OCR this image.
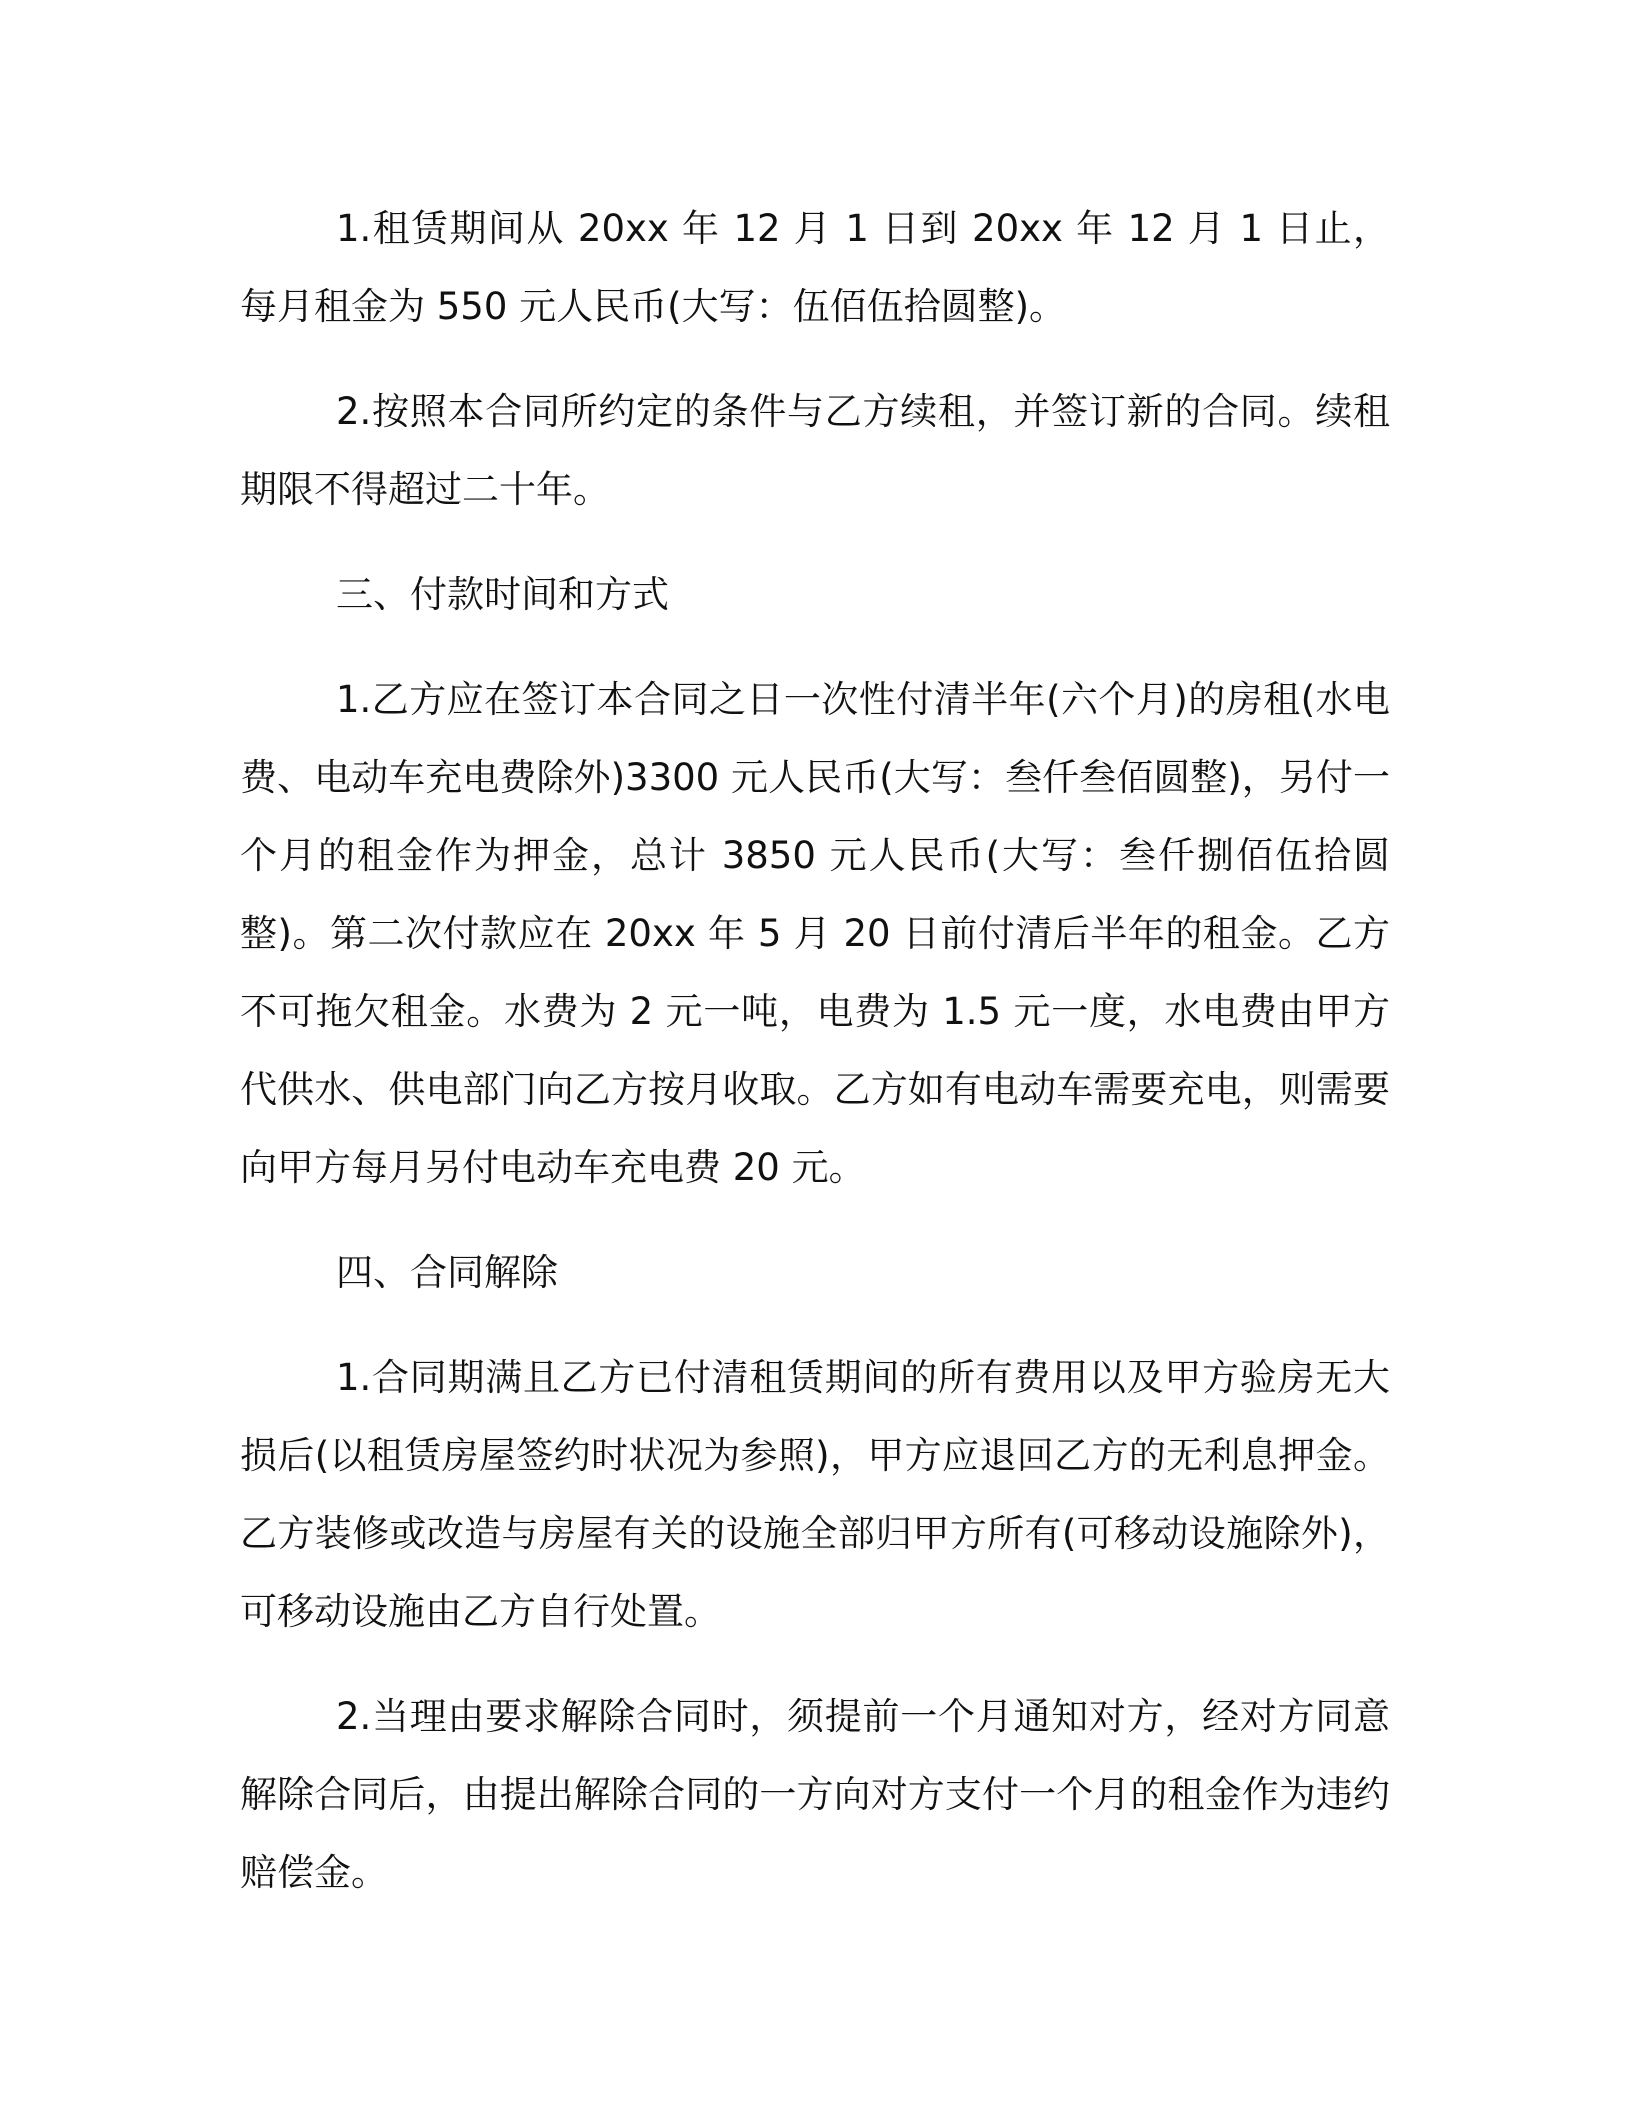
1.租赁期间从 20xx 年 12 月 1 日到 20xx 年 12 月 1 日止，每月租金为 550 元人民币(大写：伍佰伍拾圆整)。

2.按照本合同所约定的条件与乙方续租，并签订新的合同。续租期限不得超过二十年。

三、付款时间和方式

1.乙方应在签订本合同之日一次性付清半年(六个月)的房租(水电费、电动车充电费除外)3300 元人民币(大写：叁仟叁佰圆整)，另付一个月的租金作为押金，总计 3850 元人民币(大写：叁仟捌佰伍拾圆整)。第二次付款应在 20xx 年 5 月 20 日前付清后半年的租金。乙方不可拖欠租金。水费为 2 元一吨，电费为 1.5 元一度，水电费由甲方代供水、供电部门向乙方按月收取。乙方如有电动车需要充电，则需要向甲方每月另付电动车充电费 20 元。

四、合同解除

1.合同期满且乙方已付清租赁期间的所有费用以及甲方验房无大损后(以租赁房屋签约时状况为参照)，甲方应退回乙方的无利息押金。乙方装修或改造与房屋有关的设施全部归甲方所有(可移动设施除外)，可移动设施由乙方自行处置。

2.当理由要求解除合同时，须提前一个月通知对方，经对方同意解除合同后，由提出解除合同的一方向对方支付一个月的租金作为违约赔偿金。
